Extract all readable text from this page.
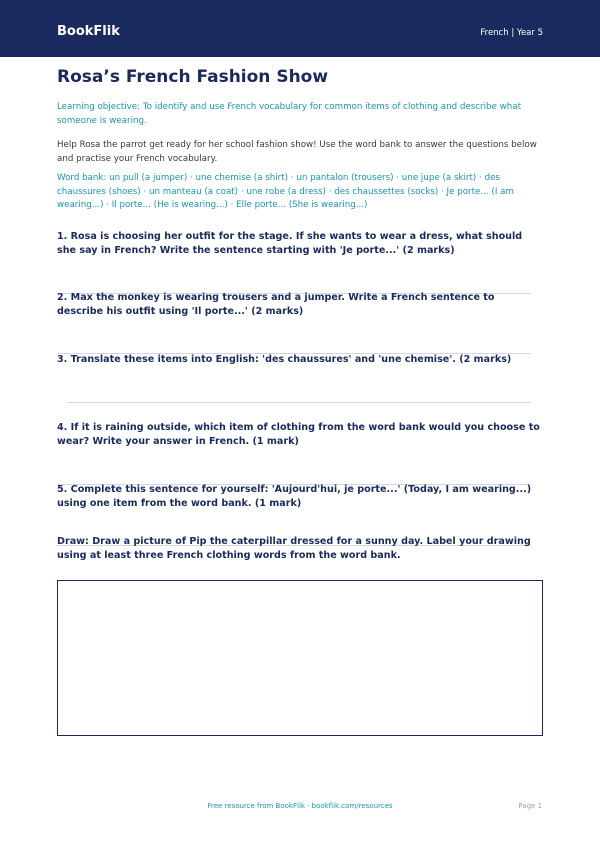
BookFlik	French | Year 5
Rosa’s French Fashion Show
Learning objective: To identify and use French vocabulary for common items of clothing and describe what someone is wearing.
Help Rosa the parrot get ready for her school fashion show! Use the word bank to answer the questions below and practise your French vocabulary.
Word bank: un pull (a jumper) · une chemise (a shirt) · un pantalon (trousers) · une jupe (a skirt) · des chaussures (shoes) · un manteau (a coat) · une robe (a dress) · des chaussettes (socks) · Je porte... (I am wearing...) · Il porte... (He is wearing...) · Elle porte... (She is wearing...)
1. Rosa is choosing her outfit for the stage. If she wants to wear a dress, what should she say in French? Write the sentence starting with 'Je porte...' (2 marks)
2. Max the monkey is wearing trousers and a jumper. Write a French sentence to describe his outfit using 'Il porte...' (2 marks)
3. Translate these items into English: 'des chaussures' and 'une chemise'. (2 marks)
4. If it is raining outside, which item of clothing from the word bank would you choose to wear? Write your answer in French. (1 mark)
5. Complete this sentence for yourself: 'Aujourd'hui, je porte...' (Today, I am wearing...) using one item from the word bank. (1 mark)
Draw: Draw a picture of Pip the caterpillar dressed for a sunny day. Label your drawing using at least three French clothing words from the word bank.
Free resource from BookFlik · bookflik.com/resources	Page 1
